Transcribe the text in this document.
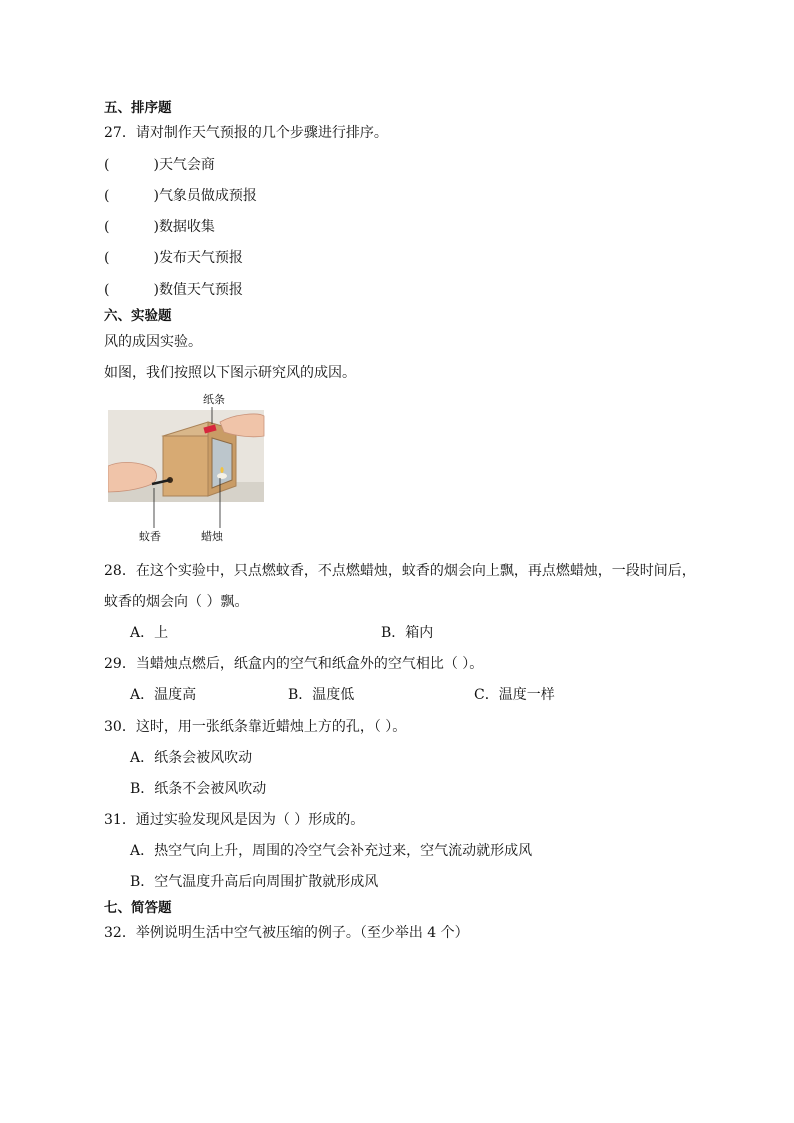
五、排序题
27．请对制作天气预报的几个步骤进行排序。
(	)天气会商
(	)气象员做成预报
(	)数据收集
(	)发布天气预报
(	)数值天气预报
六、实验题
风的成因实验。
如图，我们按照以下图示研究风的成因。
纸条
蚊香	蜡烛
28．在这个实验中，只点燃蚊香，不点燃蜡烛，蚊香的烟会向上飘，再点燃蜡烛，一段时间后，
蚊香的烟会向（ ）飘。
A．上	B．箱内
29．当蜡烛点燃后，纸盒内的空气和纸盒外的空气相比（ ）。
A．温度高	B．温度低	C．温度一样
30．这时，用一张纸条靠近蜡烛上方的孔，（ ）。
A．纸条会被风吹动
B．纸条不会被风吹动
31．通过实验发现风是因为（ ）形成的。
A．热空气向上升，周围的冷空气会补充过来，空气流动就形成风
B．空气温度升高后向周围扩散就形成风
七、简答题
32．举例说明生活中空气被压缩的例子。（至少举出 4 个）
